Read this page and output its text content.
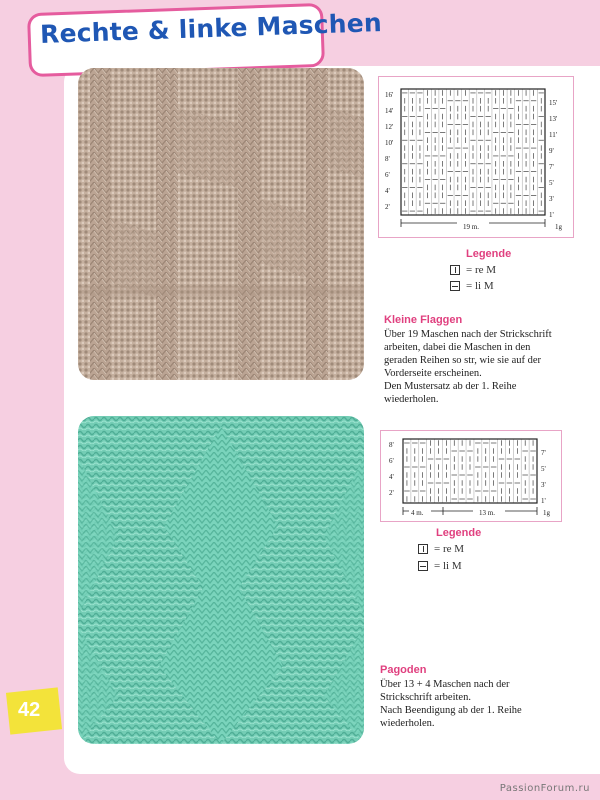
Rechte & linke Maschen
16'
14'
12'
10'
8'
6'
4'
2'
15'
13'
11'
9'
7'
5'
3'
1'
19 m.	1g
Legende
= re M
= li M
Kleine Flaggen
Über 19 Maschen nach der Strickschrift
arbeiten, dabei die Maschen in den
geraden Reihen so str, wie sie auf der
Vorderseite erscheinen.
Den Mustersatz ab der 1. Reihe
wiederholen.
8'
6'
4'
2'
7'
5'
3'
1'
4 m.	13 m.	1g
Legende
= re M
= li M
Pagoden
Über 13 + 4 Maschen nach der
Strickschrift arbeiten.
Nach Beendigung ab der 1. Reihe
wiederholen.
42
PassionForum.ru
